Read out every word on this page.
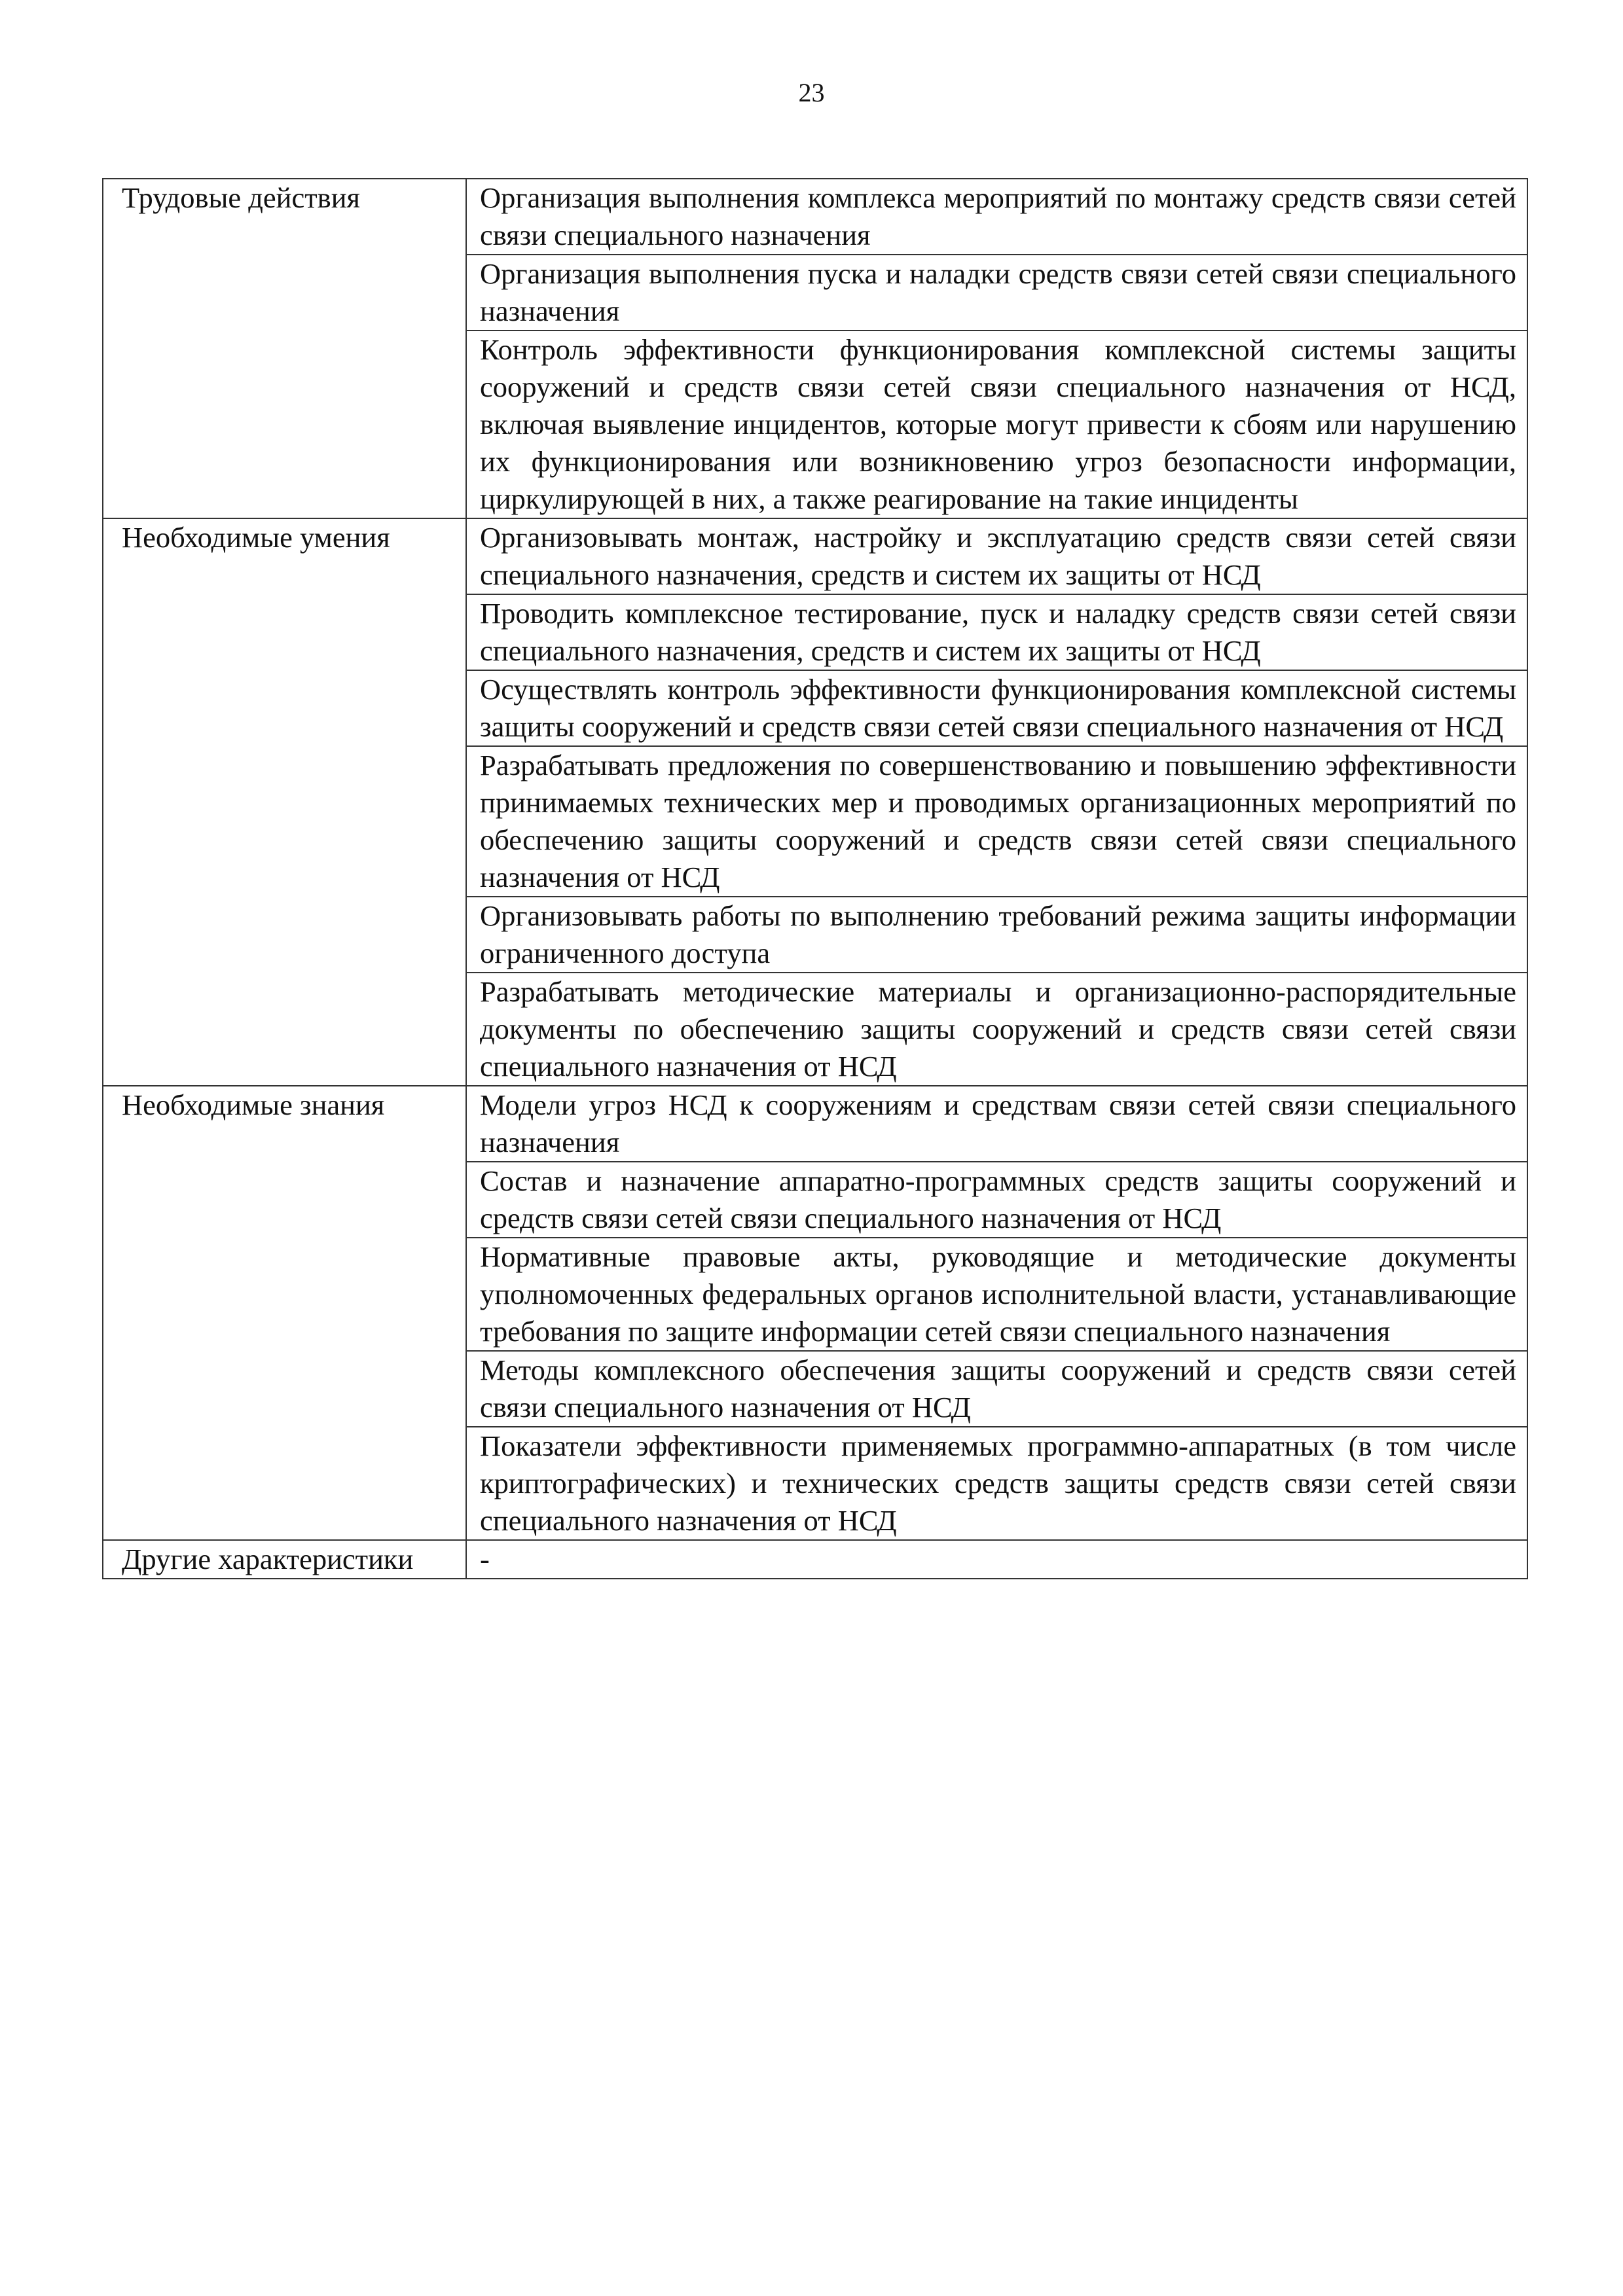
23
Трудовые действия	Организация выполнения комплекса мероприятий по монтажу средств связи сетей связи специального назначения
	Организация выполнения пуска и наладки средств связи сетей связи специального назначения
	Контроль эффективности функционирования комплексной системы защиты сооружений и средств связи сетей связи специального назначения от НСД, включая выявление инцидентов, которые могут привести к сбоям или нарушению их функционирования или возникновению угроз безопасности информации, циркулирующей в них, а также реагирование на такие инциденты
Необходимые умения	Организовывать монтаж, настройку и эксплуатацию средств связи сетей связи специального назначения, средств и систем их защиты от НСД
	Проводить комплексное тестирование, пуск и наладку средств связи сетей связи специального назначения, средств и систем их защиты от НСД
	Осуществлять контроль эффективности функционирования комплексной системы защиты сооружений и средств связи сетей связи специального назначения от НСД
	Разрабатывать предложения по совершенствованию и повышению эффективности принимаемых технических мер и проводимых организационных мероприятий по обеспечению защиты сооружений и средств связи сетей связи специального назначения от НСД
	Организовывать работы по выполнению требований режима защиты информации ограниченного доступа
	Разрабатывать методические материалы и организационно-распорядительные документы по обеспечению защиты сооружений и средств связи сетей связи специального назначения от НСД
Необходимые знания	Модели угроз НСД к сооружениям и средствам связи сетей связи специального назначения
	Состав и назначение аппаратно-программных средств защиты сооружений и средств связи сетей связи специального назначения от НСД
	Нормативные правовые акты, руководящие и методические документы уполномоченных федеральных органов исполнительной власти, устанавливающие требования по защите информации сетей связи специального назначения
	Методы комплексного обеспечения защиты сооружений и средств связи сетей связи специального назначения от НСД
	Показатели эффективности применяемых программно-аппаратных (в том числе криптографических) и технических средств защиты средств связи сетей связи специального назначения от НСД
Другие характеристики	-
